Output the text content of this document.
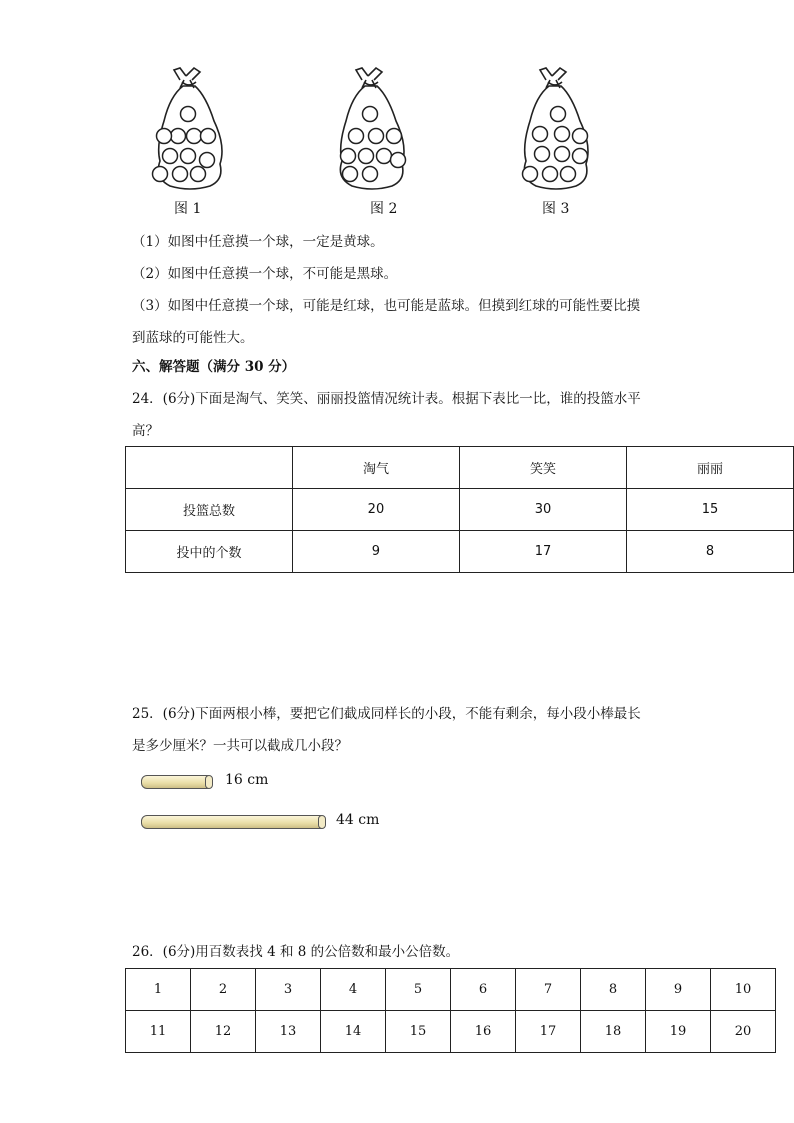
图 1	图 2	图 3
（1）如图中任意摸一个球，一定是黄球。
（2）如图中任意摸一个球，不可能是黑球。
（3）如图中任意摸一个球，可能是红球，也可能是蓝球。但摸到红球的可能性要比摸
到蓝球的可能性大。
六、解答题（满分 30 分）
24．(6分)下面是淘气、笑笑、丽丽投篮情况统计表。根据下表比一比，谁的投篮水平
高？
	淘气	笑笑	丽丽
投篮总数	20	30	15
投中的个数	9	17	8
25．(6分)下面两根小棒，要把它们截成同样长的小段，不能有剩余，每小段小棒最长
是多少厘米？一共可以截成几小段？
16 cm
44 cm
26．(6分)用百数表找 4 和 8 的公倍数和最小公倍数。
1	2	3	4	5	6	7	8	9	10
11	12	13	14	15	16	17	18	19	20
